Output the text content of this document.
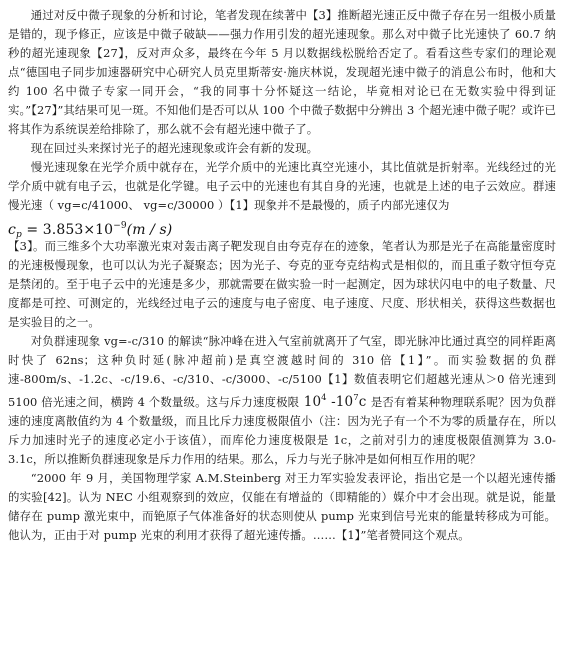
通过对反中微子现象的分析和讨论，笔者发现在续著中【3】推断超光速正反中微子存在另一组极小质量是错的，现予修正，应该是中微子破缺——强力作用引发的超光速现象。那么对中微子比光速快了 60.7 纳秒的超光速现象【27】，反对声众多，最终在今年 5 月以数据线松脱给否定了。看看这些专家们的理论观点“德国电子同步加速器研究中心研究人员克里斯蒂安·施庆林说，发现超光速中微子的消息公布时，他和大约 100 名中微子专家一同开会，“我的同事十分怀疑这一结论，毕竟相对论已在无数实验中得到证实。”【27】”其结果可见一斑。不知他们是否可以从 100 个中微子数据中分辨出 3 个超光速中微子呢？或许已将其作为系统误差给排除了，那么就不会有超光速中微子了。

现在回过头来探讨光子的超光速现象或许会有新的发现。

慢光速现象在光学介质中就存在，光学介质中的光速比真空光速小，其比值就是折射率。光线经过的光学介质中就有电子云，也就是化学键。电子云中的光速也有其自身的光速，也就是上述的电子云效应。群速慢光速（ vg=c/41000、 vg=c/30000 ）【1】现象并不是最慢的，质子内部光速仅为

$c_p = 3.853\times 10^{-9}(m / s)$

【3】。而三维多个大功率激光束对轰击离子靶发现自由夸克存在的迹象，笔者认为那是光子在高能量密度时的光速极慢现象，也可以认为光子凝聚态；因为光子、夸克的亚夸克结构式是相似的，而且重子数守恒夸克是禁闭的。至于电子云中的光速是多少，那就需要在做实验一时一起测定，因为球状闪电中的电子数量、尺度都是可控、可测定的，光线经过电子云的速度与电子密度、电子速度、尺度、形状相关，获得这些数据也是实验目的之一。

对负群速现象 vg=-c/310 的解读“脉冲峰在进入气室前就离开了气室，即光脉冲比通过真空的同样距离时快了 62ns；这种负时延(脉冲超前)是真空渡越时间的 310 倍【1】”。而实验数据的负群速-800m/s、-1.2c、-c/19.6、-c/310、-c/3000、-c/5100【1】数值表明它们超越光速从＞0 倍光速到 5100 倍光速之间，横跨 4 个数量级。这与斥力速度极限 $10^4$ $-10^7c$ 是否有着某种物理联系呢？因为负群速的速度离散值约为 4 个数量级，而且比斥力速度极限值小（注：因为光子有一个不为零的质量存在，所以斥力加速时光子的速度必定小于该值），而库伦力速度极限是 1c，之前对引力的速度极限值测算为 3.0-3.1c，所以推断负群速现象是斥力作用的结果。那么，斥力与光子脉冲是如何相互作用的呢？

“2000 年 9 月，美国物理学家 A.M.Steinberg 对王力军实验发表评论，指出它是一个以超光速传播的实验[42]。认为 NEC 小组观察到的效应，仅能在有增益的（即精能的）媒介中才会出现。就是说，能量储存在 pump 激光束中，而铯原子气体准备好的状态则使从 pump 光束到信号光束的能量转移成为可能。他认为，正由于对 pump 光束的利用才获得了超光速传播。……【1】”笔者赞同这个观点。
